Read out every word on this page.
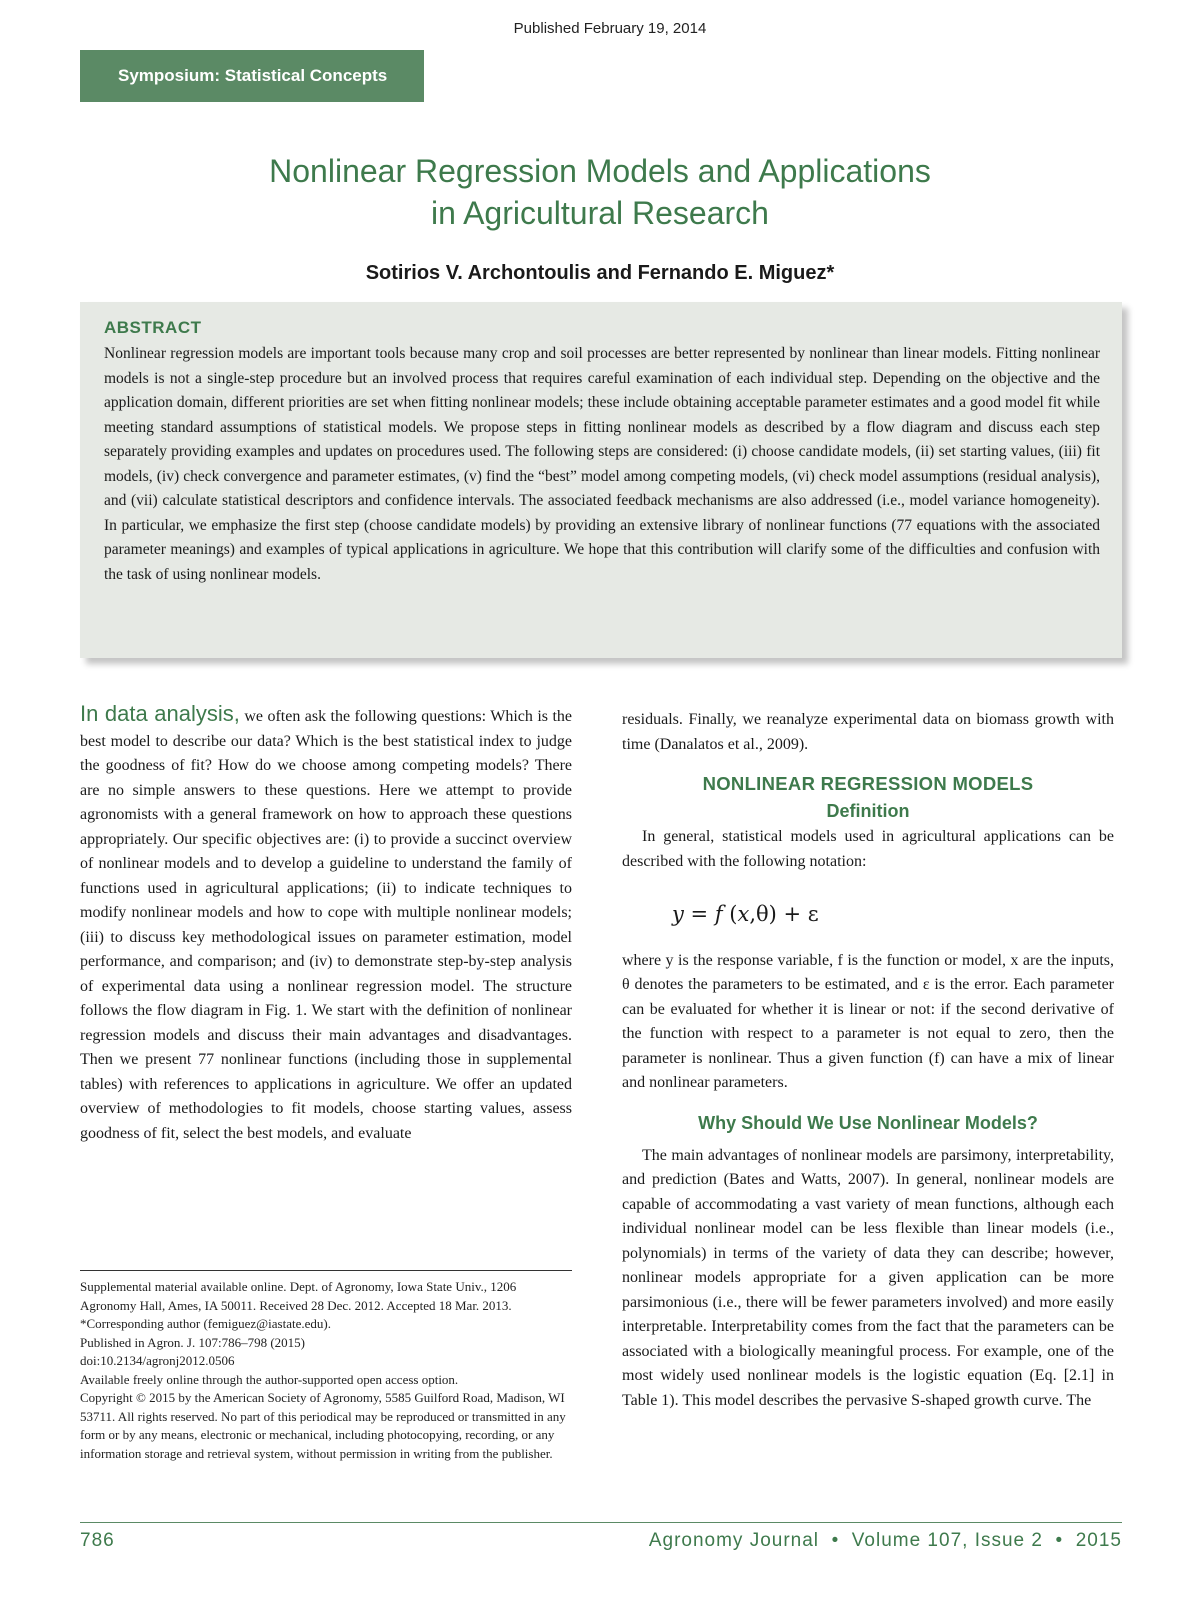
Published February 19, 2014
Symposium: Statistical Concepts
Nonlinear Regression Models and Applications
in Agricultural Research
Sotirios V. Archontoulis and Fernando E. Miguez*
ABSTRACT

Nonlinear regression models are important tools because many crop and soil processes are better represented by nonlinear than linear models. Fitting nonlinear models is not a single-step procedure but an involved process that requires careful examination of each individual step. Depending on the objective and the application domain, different priorities are set when fitting nonlinear models; these include obtaining acceptable parameter estimates and a good model fit while meeting standard assumptions of statistical models. We propose steps in fitting nonlinear models as described by a flow diagram and discuss each step separately providing examples and updates on procedures used. The following steps are considered: (i) choose candidate models, (ii) set starting values, (iii) fit models, (iv) check convergence and parameter estimates, (v) find the “best” model among competing models, (vi) check model assumptions (residual analysis), and (vii) calculate statistical descriptors and confidence intervals. The associated feedback mechanisms are also addressed (i.e., model variance homogeneity). In particular, we emphasize the first step (choose candidate models) by providing an extensive library of nonlinear functions (77 equations with the associated parameter meanings) and examples of typical applications in agriculture. We hope that this contribution will clarify some of the difficulties and confusion with the task of using nonlinear models.

In data analysis, we often ask the following questions: Which is the best model to describe our data? Which is the best statistical index to judge the goodness of fit? How do we choose among competing models? There are no simple answers to these questions. Here we attempt to provide agronomists with a general framework on how to approach these questions appropriately. Our specific objectives are: (i) to provide a succinct overview of nonlinear models and to develop a guideline to understand the family of functions used in agricultural applications; (ii) to indicate techniques to modify nonlinear models and how to cope with multiple nonlinear models; (iii) to discuss key methodological issues on parameter estimation, model performance, and comparison; and (iv) to demonstrate step-by-step analysis of experimental data using a nonlinear regression model. The structure follows the flow diagram in Fig. 1. We start with the definition of nonlinear regression models and discuss their main advantages and disadvantages. Then we present 77 nonlinear functions (including those in supplemental tables) with references to applications in agriculture. We offer an updated overview of methodologies to fit models, choose starting values, assess goodness of fit, select the best models, and evaluate

residuals. Finally, we reanalyze experimental data on biomass growth with time (Danalatos et al., 2009).

NONLINEAR REGRESSION MODELS
Definition

In general, statistical models used in agricultural applications can be described with the following notation:

y = f (x,θ) + ε

where y is the response variable, f is the function or model, x are the inputs, θ denotes the parameters to be estimated, and ε is the error. Each parameter can be evaluated for whether it is linear or not: if the second derivative of the function with respect to a parameter is not equal to zero, then the parameter is nonlinear. Thus a given function (f) can have a mix of linear and nonlinear parameters.

Why Should We Use Nonlinear Models?

The main advantages of nonlinear models are parsimony, interpretability, and prediction (Bates and Watts, 2007). In general, nonlinear models are capable of accommodating a vast variety of mean functions, although each individual nonlinear model can be less flexible than linear models (i.e., polynomials) in terms of the variety of data they can describe; however, nonlinear models appropriate for a given application can be more parsimonious (i.e., there will be fewer parameters involved) and more easily interpretable. Interpretability comes from the fact that the parameters can be associated with a biologically meaningful process. For example, one of the most widely used nonlinear models is the logistic equation (Eq. [2.1] in Table 1). This model describes the pervasive S-shaped growth curve. The

Supplemental material available online. Dept. of Agronomy, Iowa State Univ., 1206 Agronomy Hall, Ames, IA 50011. Received 28 Dec. 2012. Accepted 18 Mar. 2013. *Corresponding author (femiguez@iastate.edu).

Published in Agron. J. 107:786–798 (2015)

doi:10.2134/agronj2012.0506

Available freely online through the author-supported open access option.

Copyright © 2015 by the American Society of Agronomy, 5585 Guilford Road, Madison, WI 53711. All rights reserved. No part of this periodical may be reproduced or transmitted in any form or by any means, electronic or mechanical, including photocopying, recording, or any information storage and retrieval system, without permission in writing from the publisher.

786	Agronomy Journal  •  Volume 107, Issue 2  •  2015
